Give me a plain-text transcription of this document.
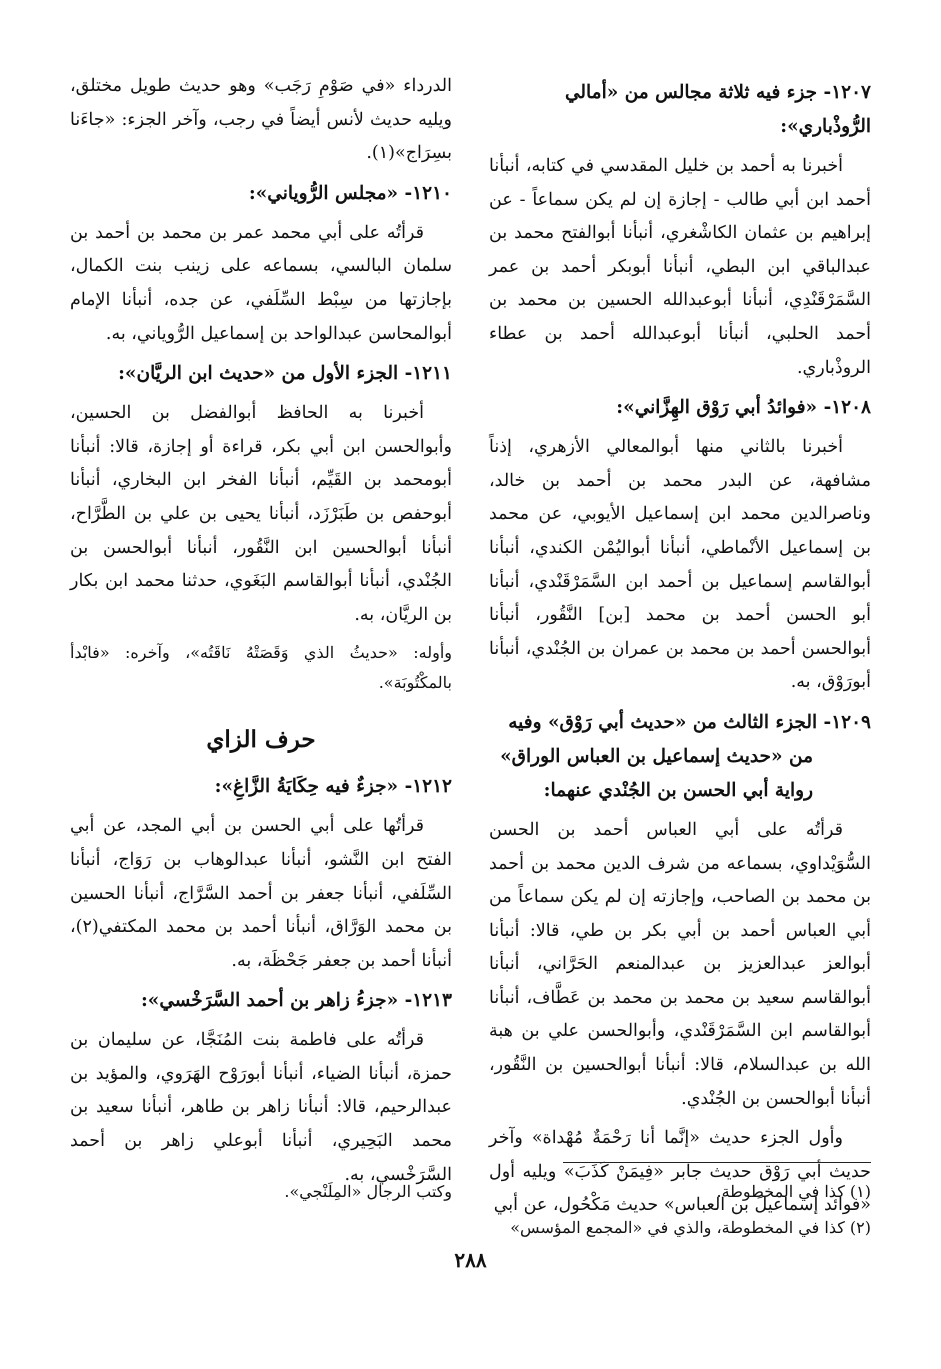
١٢٠٧- جزء فيه ثلاثة مجالس من «أمالي الرُّوذْباري»:

أخبرنا به أحمد بن خليل المقدسي في كتابه، أنبأنا أحمد ابن أبي طالب - إجازة إن لم يكن سماعاً - عن إبراهيم بن عثمان الكاشْغري، أنبأنا أبوالفتح محمد بن عبدالباقي ابن البطي، أنبأنا أبوبكر أحمد بن عمر السَّمَرْقَنْدِي، أنبأنا أبوعبدالله الحسين بن محمد بن أحمد الحلبي، أنبأنا أبوعبدالله أحمد بن عطاء الروذْباري.

١٢٠٨- «فوائدُ أبي رَوْق الهِزَّاني»:

أخبرنا بالثاني منها أبوالمعالي الأزهري، إذناً مشافهة، عن البدر محمد بن أحمد بن خالد، وناصرالدين محمد ابن إسماعيل الأيوبي، عن محمد بن إسماعيل الأنْماطي، أنبأنا أبواليُمْن الكندي، أنبأنا أبوالقاسم إسماعيل بن أحمد ابن السَّمَرْقَنْدي، أنبأنا أبو الحسن أحمد بن محمد [بن] النَّقُور، أنبأنا أبوالحسن أحمد بن محمد بن عمران بن الجُنْدي، أنبأنا أبورَوْق، به.

١٢٠٩- الجزء الثالث من «حديث أبي رَوْق» وفيه
من «حديث إسماعيل بن العباس الوراق»
رواية أبي الحسن بن الجُنْدي عنهما:

قرأتُه على أبي العباس أحمد بن الحسن السُّوَيْداوي، بسماعه من شرف الدين محمد بن أحمد بن محمد بن الصاحب، وإجازته إن لم يكن سماعاً من أبي العباس أحمد بن أبي بكر بن طي، قالا: أنبأنا أبوالعز عبدالعزيز بن عبدالمنعم الحَرَّاني، أنبأنا أبوالقاسم سعيد بن محمد بن محمد بن عَطَّاف، أنبأنا أبوالقاسم ابن السَّمَرْقَنْدي، وأبوالحسن علي بن هبة الله بن عبدالسلام، قالا: أنبأنا أبوالحسين بن النَّقُور، أنبأنا أبوالحسن بن الجُنْدي.

وأول الجزء حديث «إنَّما أنا رَحْمَةٌ مُهْداة» وآخر حديث أبي رَوْق حديث جابر «فِيمَنْ كَذَبَ» ويليه أول «فوائد إسماعيلَ بن العباس» حديث مَكْحُول، عن أبي

الدرداء «في صَوْمِ رَجَب» وهو حديث طويل مختلق، ويليه حديث لأنس أيضاً في رجب، وآخر الجزء: «جاءَنا بسِرَاج»(١).

١٢١٠- «مجلس الرُّوياني»:

قرأتُه على أبي محمد عمر بن محمد بن أحمد بن سلمان البالسي، بسماعه على زينب بنت الكمال، بإجازتها من سِبْط السِّلَفي، عن جده، أنبأنا الإمام أبوالمحاسن عبدالواحد بن إسماعيل الرُّوياني، به.

١٢١١- الجزء الأول من «حديث ابن الريَّان»:

أخبرنا به الحافظ أبوالفضل بن الحسين، وأبوالحسن ابن أبي بكر، قراءة أو إجازة، قالا: أنبأنا أبومحمد بن القَيِّم، أنبأنا الفخر ابن البخاري، أنبأنا أبوحفص بن طَبَرْزَد، أنبأنا يحيى بن علي بن الطَّرَّاح، أنبأنا أبوالحسين ابن النَّقُور، أنبأنا أبوالحسن بن الجُنْدي، أنبأنا أبوالقاسم البَغَوي، حدثنا محمد ابن بكار بن الريَّان، به.

وأوله: «حديثُ الذي وَقَصَتْهُ نَاقَتُه»، وآخره: «فابْدأ بالمكْتُوبَة».

حرف الزاي
١٢١٢- «جزءٌ فيه حِكَايَةُ الزَّاغِ»:

قرأتُها على أبي الحسن بن أبي المجد، عن أبي الفتح ابن النَّشو، أنبأنا عبدالوهاب بن رَوَاج، أنبأنا السِّلَفي، أنبأنا جعفر بن أحمد السَّرَّاج، أنبأنا الحسين بن محمد الوَرَّاق، أنبأنا أحمد بن محمد المكتفي(٢)، أنبأنا أحمد بن جعفر جَحْظَة، به.

١٢١٣- «جزءُ زاهر بن أحمد السَّرَخْسي»:

قرأتُه على فاطمة بنت المُنَجَّا، عن سليمان بن حمزة، أنبأنا الضياء، أنبأنا أبورَوْح الهَرَوي، والمؤيد بن عبدالرحيم، قالا: أنبأنا زاهر بن طاهر، أنبأنا سعيد بن محمد البَحِيري، أنبأنا أبوعلي زاهر بن أحمد السَّرَخْسي، به.

(١) كذا في المخطوطة.
(٢) كذا في المخطوطة، والذي في «المجمع المؤسس»
وكتب الرجال «المِلَنْجي».
٢٨٨
